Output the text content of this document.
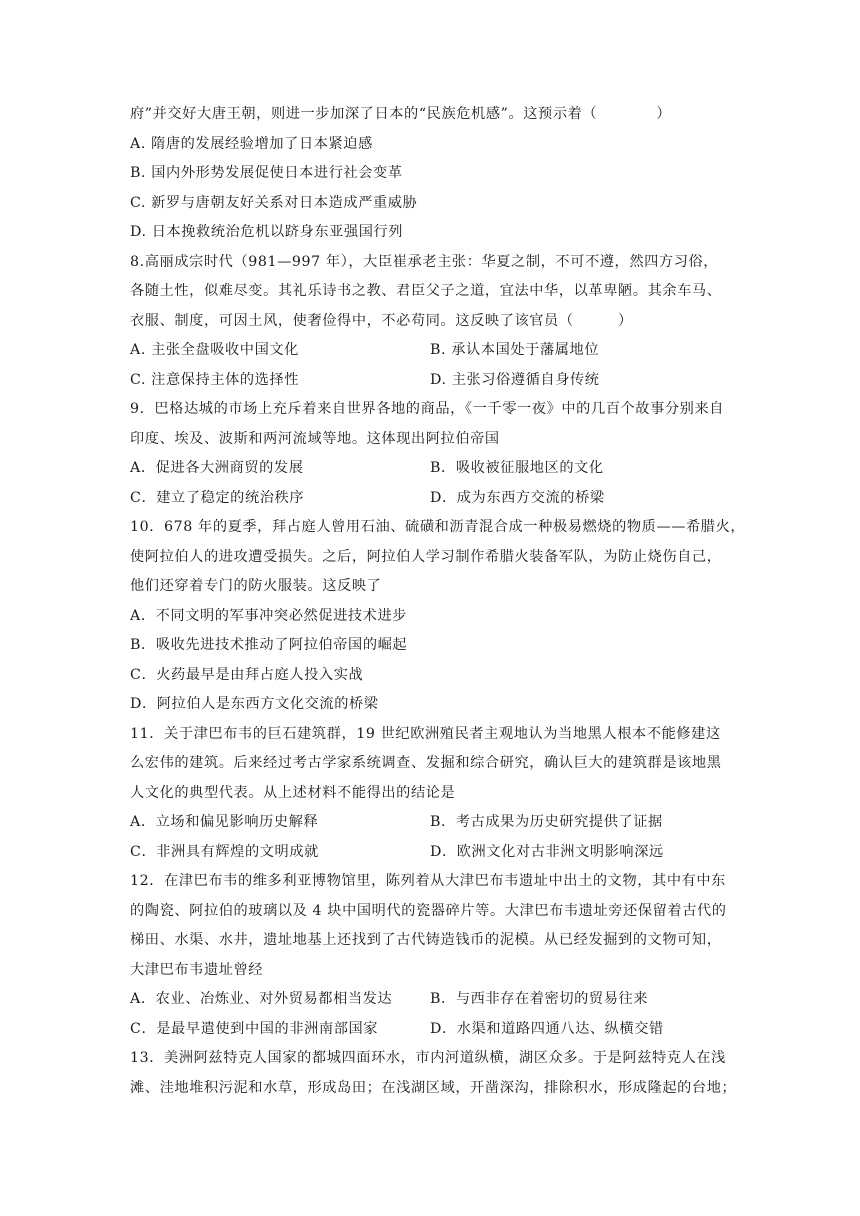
府”并交好大唐王朝，则进一步加深了日本的“民族危机感”。这预示着（　　　　）
A. 隋唐的发展经验增加了日本紧迫感
B. 国内外形势发展促使日本进行社会变革
C. 新罗与唐朝友好关系对日本造成严重威胁
D. 日本挽救统治危机以跻身东亚强国行列
8.高丽成宗时代（981—997 年），大臣崔承老主张：华夏之制，不可不遵，然四方习俗，
各随土性，似难尽变。其礼乐诗书之教、君臣父子之道，宜法中华，以革卑陋。其余车马、
衣服、制度，可因土风，使奢俭得中，不必苟同。这反映了该官员（　　　）
A. 主张全盘吸收中国文化	B. 承认本国处于藩属地位
C. 注意保持主体的选择性	D. 主张习俗遵循自身传统
9．巴格达城的市场上充斥着来自世界各地的商品，《一千零一夜》中的几百个故事分别来自
印度、埃及、波斯和两河流域等地。这体现出阿拉伯帝国
A．促进各大洲商贸的发展	B．吸收被征服地区的文化
C．建立了稳定的统治秩序	D．成为东西方交流的桥梁
10．678 年的夏季，拜占庭人曾用石油、硫磺和沥青混合成一种极易燃烧的物质——希腊火，
使阿拉伯人的进攻遭受损失。之后，阿拉伯人学习制作希腊火装备军队，为防止烧伤自己，
他们还穿着专门的防火服装。这反映了
A．不同文明的军事冲突必然促进技术进步
B．吸收先进技术推动了阿拉伯帝国的崛起
C．火药最早是由拜占庭人投入实战
D．阿拉伯人是东西方文化交流的桥梁
11．关于津巴布韦的巨石建筑群，19 世纪欧洲殖民者主观地认为当地黑人根本不能修建这
么宏伟的建筑。后来经过考古学家系统调查、发掘和综合研究，确认巨大的建筑群是该地黑
人文化的典型代表。从上述材料不能得出的结论是
A．立场和偏见影响历史解释	B．考古成果为历史研究提供了证据
C．非洲具有辉煌的文明成就	D．欧洲文化对古非洲文明影响深远
12．在津巴布韦的维多利亚博物馆里，陈列着从大津巴布韦遗址中出土的文物，其中有中东
的陶瓷、阿拉伯的玻璃以及 4 块中国明代的瓷器碎片等。大津巴布韦遗址旁还保留着古代的
梯田、水渠、水井，遗址地基上还找到了古代铸造钱币的泥模。从已经发掘到的文物可知，
大津巴布韦遗址曾经
A．农业、冶炼业、对外贸易都相当发达	B．与西非存在着密切的贸易往来
C．是最早遣使到中国的非洲南部国家	D．水渠和道路四通八达、纵横交错
13．美洲阿兹特克人国家的都城四面环水，市内河道纵横，湖区众多。于是阿兹特克人在浅
滩、洼地堆积污泥和水草，形成岛田；在浅湖区域，开凿深沟，排除积水，形成隆起的台地；
